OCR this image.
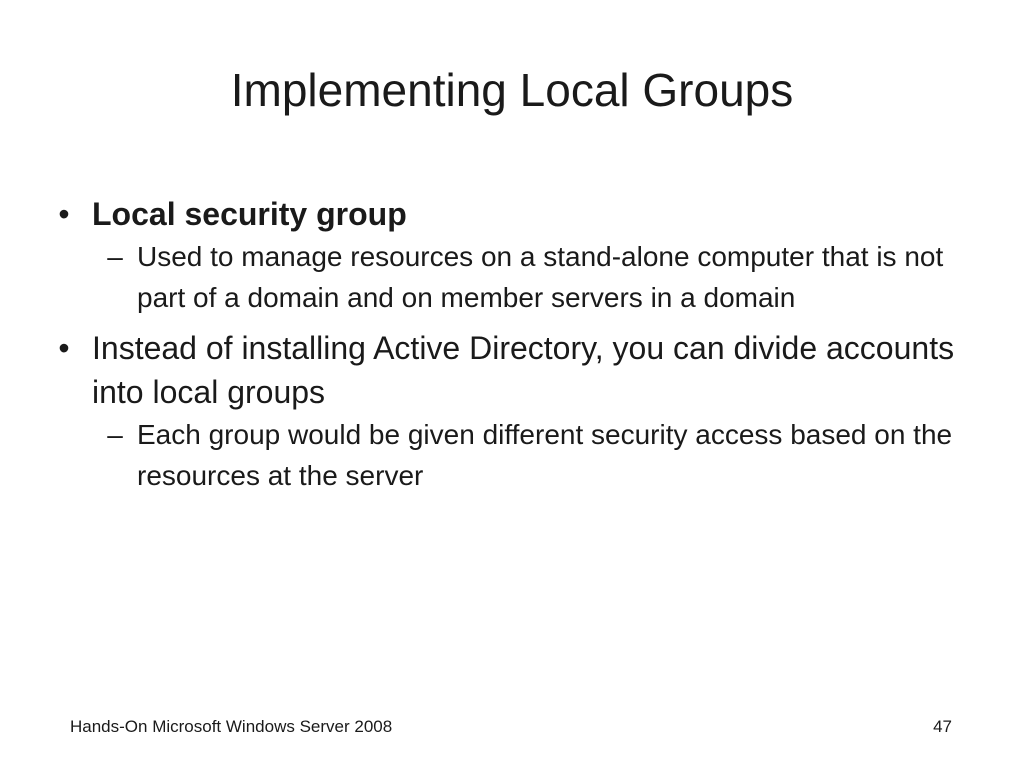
Implementing Local Groups
• Local security group
– Used to manage resources on a stand-alone computer that is not part of a domain and on member servers in a domain
• Instead of installing Active Directory, you can divide accounts into local groups
– Each group would be given different security access based on the resources at the server
Hands-On Microsoft Windows Server 2008	47
